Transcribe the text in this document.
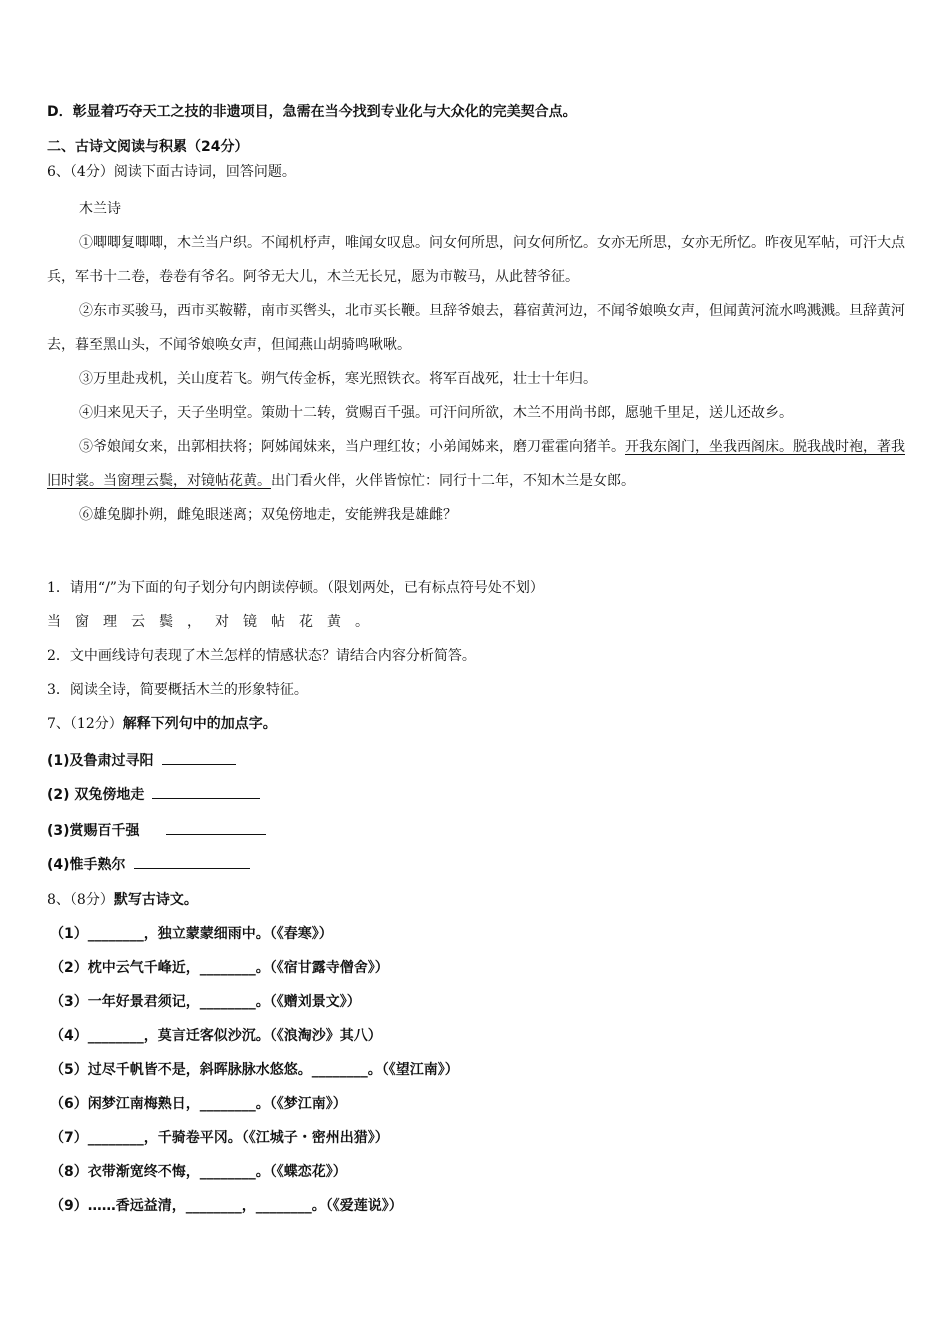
D．彰显着巧夺天工之技的非遗项目，急需在当今找到专业化与大众化的完美契合点。
二、古诗文阅读与积累（24分）
6、（4分）阅读下面古诗词，回答问题。

木兰诗

①唧唧复唧唧，木兰当户织。不闻机杼声，唯闻女叹息。问女何所思，问女何所忆。女亦无所思，女亦无所忆。昨夜见军帖，可汗大点兵，军书十二卷，卷卷有爷名。阿爷无大儿，木兰无长兄，愿为市鞍马，从此替爷征。

②东市买骏马，西市买鞍鞯，南市买辔头，北市买长鞭。旦辞爷娘去，暮宿黄河边，不闻爷娘唤女声，但闻黄河流水鸣溅溅。旦辞黄河去，暮至黑山头，不闻爷娘唤女声，但闻燕山胡骑鸣啾啾。

③万里赴戎机，关山度若飞。朔气传金柝，寒光照铁衣。将军百战死，壮士十年归。

④归来见天子，天子坐明堂。策勋十二转，赏赐百千强。可汗问所欲，木兰不用尚书郎，愿驰千里足，送儿还故乡。

⑤爷娘闻女来，出郭相扶将；阿姊闻妹来，当户理红妆；小弟闻姊来，磨刀霍霍向猪羊。开我东阁门，坐我西阁床。脱我战时袍，著我旧时裳。当窗理云鬓，对镜帖花黄。出门看火伴，火伴皆惊忙：同行十二年，不知木兰是女郎。

⑥雄兔脚扑朔，雌兔眼迷离；双兔傍地走，安能辨我是雄雌？

1．请用“/”为下面的句子划分句内朗读停顿。（限划两处，已有标点符号处不划）
当窗理云鬓，对镜帖花黄。
2．文中画线诗句表现了木兰怎样的情感状态？请结合内容分析简答。
3．阅读全诗，简要概括木兰的形象特征。
7、（12分）解释下列句中的加点字。
(1)及鲁肃过寻阳
(2) 双兔傍地走
(3)赏赐百千强
(4)惟手熟尔
8、（8分）默写古诗文。
（1）________，独立蒙蒙细雨中。（《春寒》）
（2）枕中云气千峰近，________。（《宿甘露寺僧舍》）
（3）一年好景君须记，________。（《赠刘景文》）
（4）________，莫言迁客似沙沉。（《浪淘沙》其八）
（5）过尽千帆皆不是，斜晖脉脉水悠悠。________。（《望江南》）
（6）闲梦江南梅熟日，________。（《梦江南》）
（7）________，千骑卷平冈。（《江城子・密州出猎》）
（8）衣带渐宽终不悔，________。（《蝶恋花》）
（9）……香远益清，________，________。（《爱莲说》）
